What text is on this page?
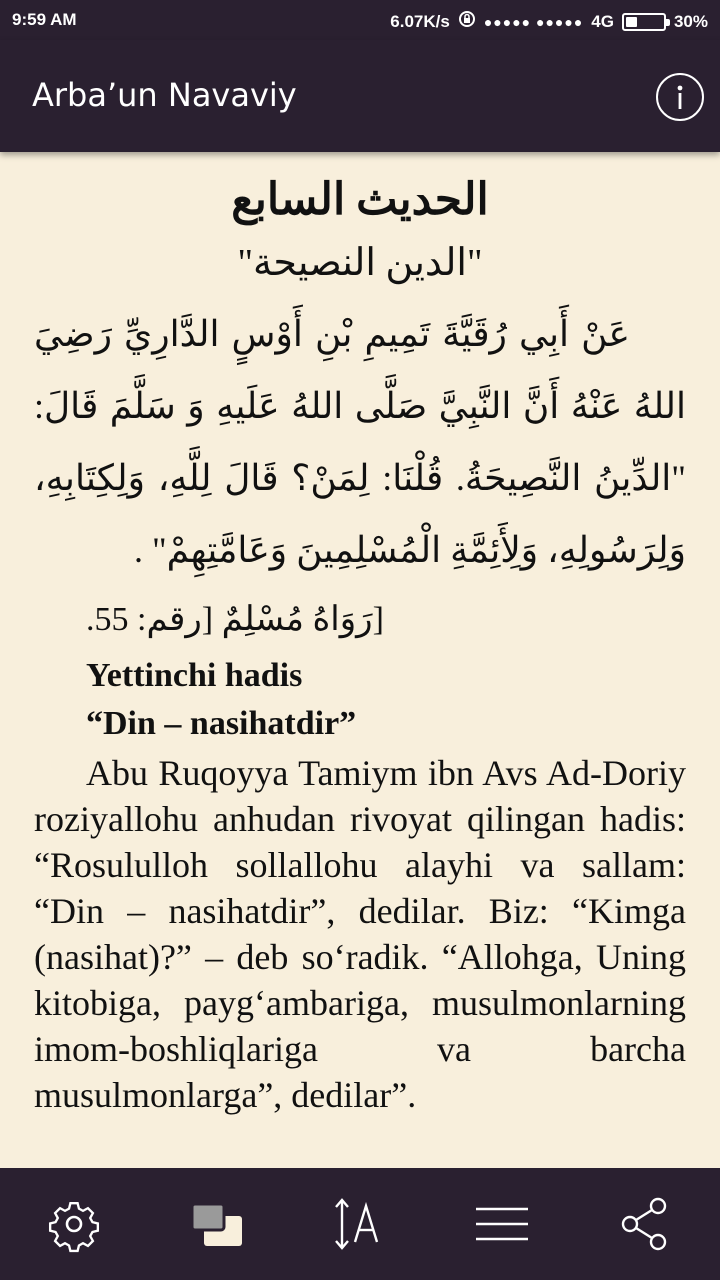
9:59 AM	6.07K/s ●●●●● ●●●●● 4G	30%
Arba’un Navaviy
الحديث السابع
"الدين النصيحة"
عَنْ أَبِي رُقَيَّةَ تَمِيمِ بْنِ أَوْسٍ الدَّارِيِّ رَضِيَ اللهُ عَنْهُ أَنَّ النَّبِيَّ صَلَّى اللهُ عَلَيهِ وَ سَلَّمَ قَالَ: "الدِّينُ النَّصِيحَةُ. قُلْنَا: لِمَنْ؟ قَالَ لِلَّهِ، وَلِكِتَابِهِ، وَلِرَسُولِهِ، وَلِأَئِمَّةِ الْمُسْلِمِينَ وَعَامَّتِهِمْ" .
[رَوَاهُ مُسْلِمٌ [رقم: 55.
Yettinchi hadis
“Din – nasihatdir”
Abu Ruqoyya Tamiym ibn Avs Ad-Doriy roziyallohu anhudan rivoyat qilingan hadis: “Rosululloh sollallohu alayhi va sallam: “Din – nasihatdir”, dedilar. Biz: “Kimga (nasihat)?” – deb so‘radik. “Allohga, Uning kitobiga, payg‘ambariga, musulmonlarning imom-boshliqlariga va barcha musulmonlarga”, dedilar”.
